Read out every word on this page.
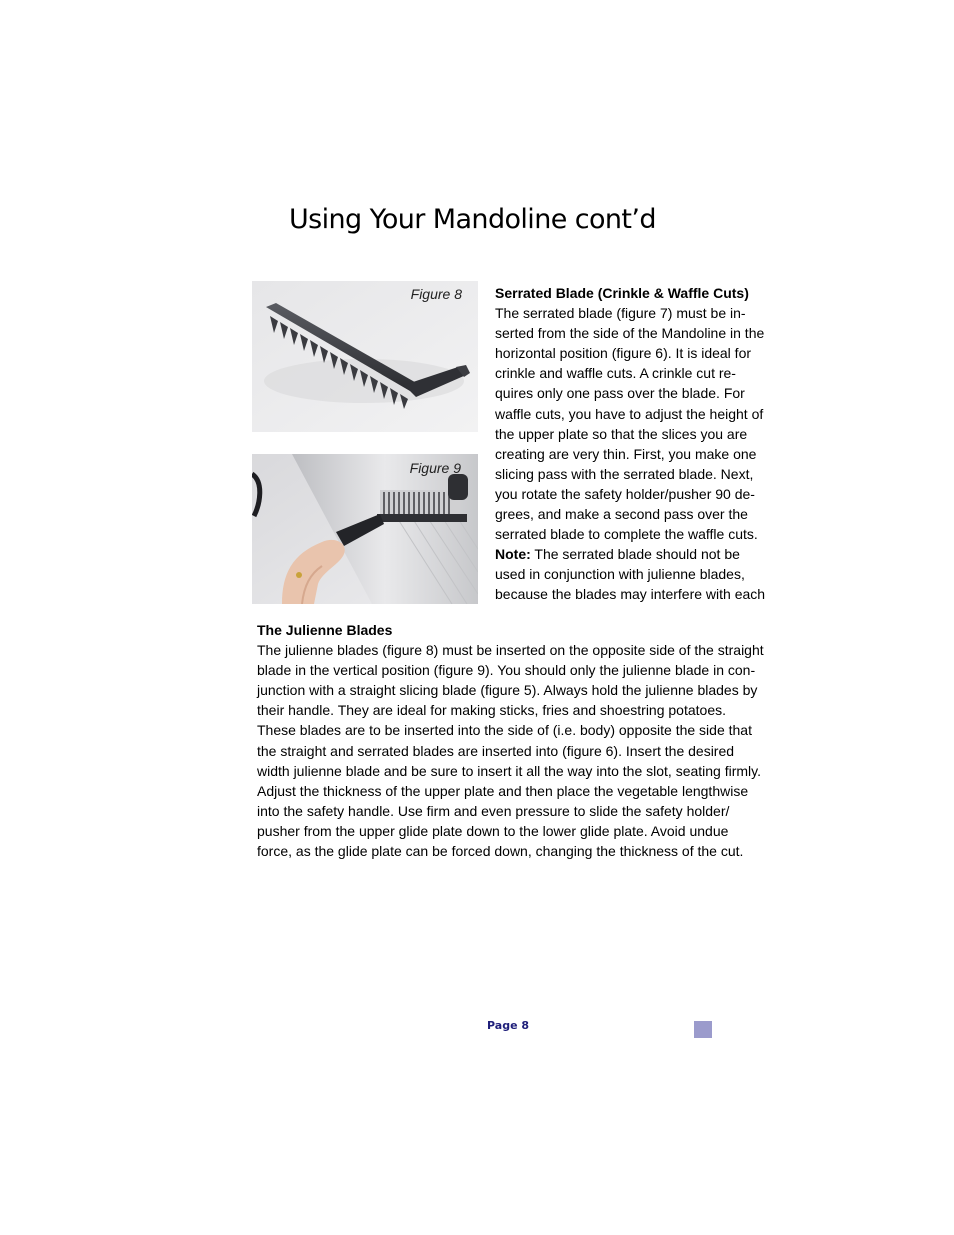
Using Your Mandoline cont’d
Figure 8
Figure 9
Serrated Blade (Crinkle & Waffle Cuts)
The serrated blade (figure 7) must be in-
serted from the side of the Mandoline in the
horizontal position (figure 6). It is ideal for
crinkle and waffle cuts. A crinkle cut re-
quires only one pass over the blade. For
waffle cuts, you have to adjust the height of
the upper plate so that the slices you are
creating are very thin. First, you make one
slicing pass with the serrated blade. Next,
you rotate the safety holder/pusher 90 de-
grees, and make a second pass over the
serrated blade to complete the waffle cuts.
Note: The serrated blade should not be
used in conjunction with julienne blades,
because the blades may interfere with each
The Julienne Blades
The julienne blades (figure 8) must be inserted on the opposite side of the straight
blade in the vertical position (figure 9). You should only the julienne blade in con-
junction with a straight slicing blade (figure 5). Always hold the julienne blades by
their handle. They are ideal for making sticks, fries and shoestring potatoes.
These blades are to be inserted into the side of (i.e. body) opposite the side that
the straight and serrated blades are inserted into (figure 6). Insert the desired
width julienne blade and be sure to insert it all the way into the slot, seating firmly.
Adjust the thickness of the upper plate and then place the vegetable lengthwise
into the safety handle. Use firm and even pressure to slide the safety holder/
pusher from the upper glide plate down to the lower glide plate. Avoid undue
force, as the glide plate can be forced down, changing the thickness of the cut.
Page 8
